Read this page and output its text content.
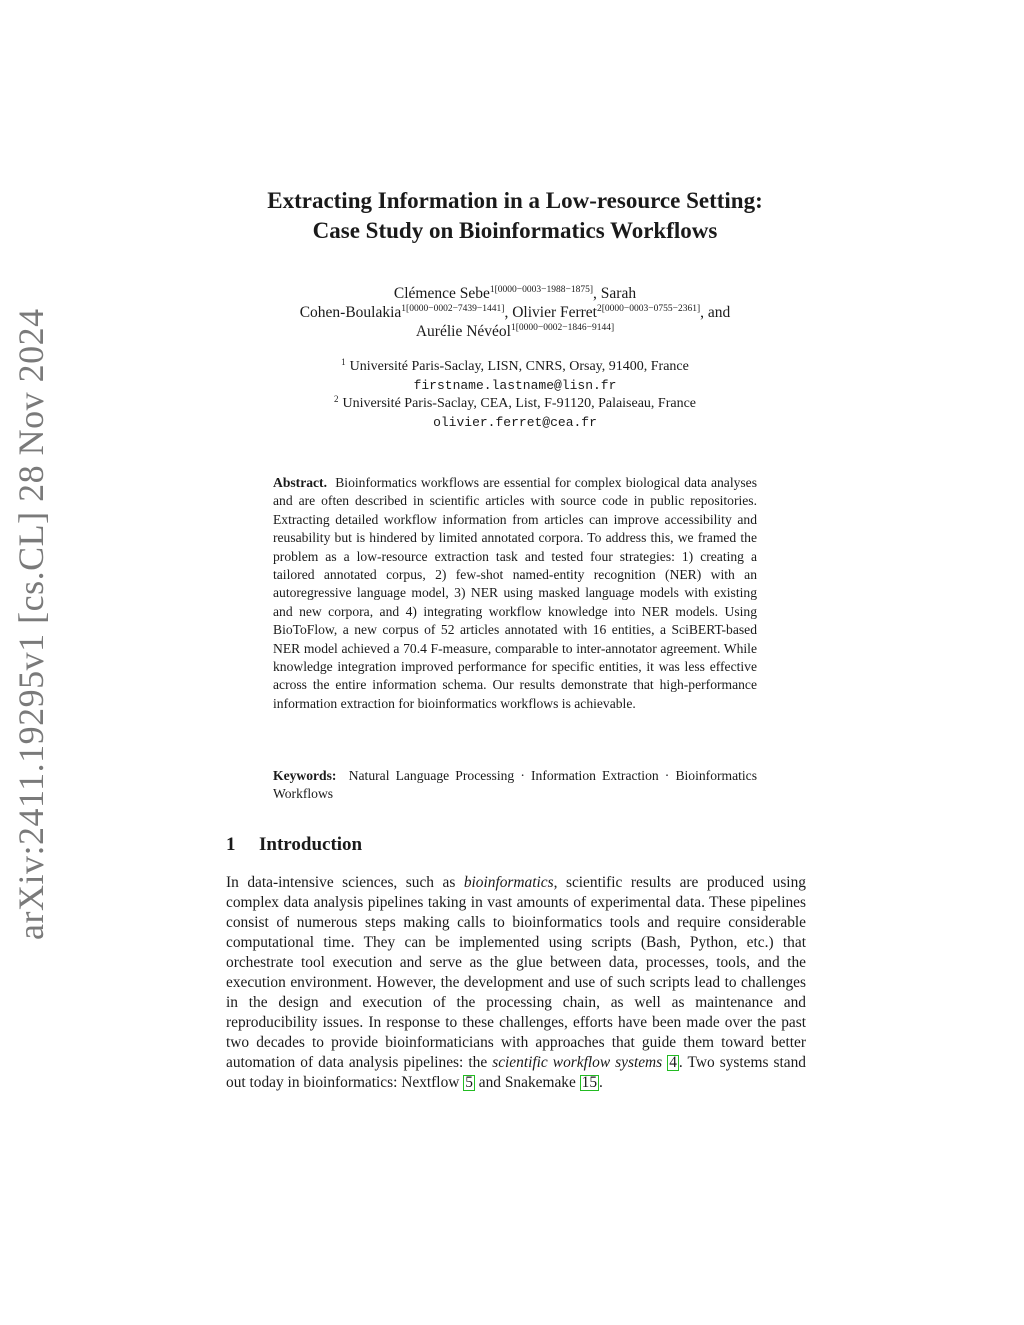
arXiv:2411.19295v1 [cs.CL] 28 Nov 2024
Extracting Information in a Low-resource Setting:
Case Study on Bioinformatics Workflows
Clémence Sebe$^{1[0000-0003-1988-1875]}$, Sarah
Cohen-Boulakia$^{1[0000-0002-7439-1441]}$, Olivier Ferret$^{2[0000-0003-0755-2361]}$, and
Aurélie Névéol$^{1[0000-0002-1846-9144]}$
$^1$ Université Paris-Saclay, LISN, CNRS, Orsay, 91400, France
firstname.lastname@lisn.fr
$^2$ Université Paris-Saclay, CEA, List, F-91120, Palaiseau, France
olivier.ferret@cea.fr
Abstract. Bioinformatics workflows are essential for complex biological data analyses and are often described in scientific articles with source code in public repositories. Extracting detailed workflow information from articles can improve accessibility and reusability but is hindered by limited annotated corpora. To address this, we framed the problem as a low-resource extraction task and tested four strategies: 1) creating a tailored annotated corpus, 2) few-shot named-entity recognition (NER) with an autoregressive language model, 3) NER using masked language models with existing and new corpora, and 4) integrating workflow knowledge into NER models. Using BioToFlow, a new corpus of 52 articles annotated with 16 entities, a SciBERT-based NER model achieved a 70.4 F-measure, comparable to inter-annotator agreement. While knowledge integration improved performance for specific entities, it was less effective across the entire information schema. Our results demonstrate that high-performance information extraction for bioinformatics workflows is achievable.
Keywords: Natural Language Processing · Information Extraction · Bioinformatics Workflows
1 Introduction
In data-intensive sciences, such as bioinformatics, scientific results are produced using complex data analysis pipelines taking in vast amounts of experimental data. These pipelines consist of numerous steps making calls to bioinformatics tools and require considerable computational time. They can be implemented using scripts (Bash, Python, etc.) that orchestrate tool execution and serve as the glue between data, processes, tools, and the execution environment. However, the development and use of such scripts lead to challenges in the design and execution of the processing chain, as well as maintenance and reproducibility issues. In response to these challenges, efforts have been made over the past two decades to provide bioinformaticians with approaches that guide them toward better automation of data analysis pipelines: the scientific workflow systems 4 . Two systems stand out today in bioinformatics: Nextflow 5 and Snakemake 15 .
